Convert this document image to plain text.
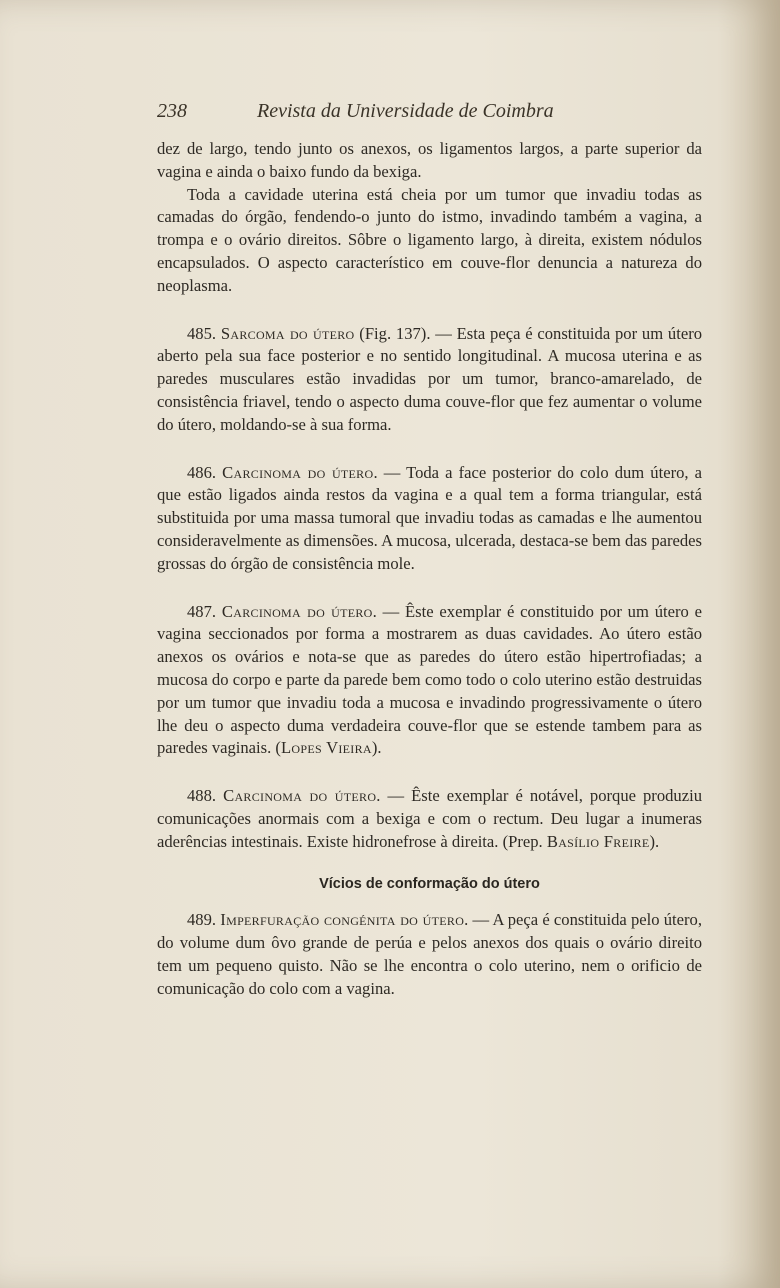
238	Revista da Universidade de Coimbra

dez de largo, tendo junto os anexos, os ligamentos largos, a parte superior da vagina e ainda o baixo fundo da bexiga.

Toda a cavidade uterina está cheia por um tumor que invadiu todas as camadas do órgão, fendendo-o junto do istmo, invadindo também a vagina, a trompa e o ovário direitos. Sôbre o ligamento largo, à direita, existem nódulos encapsulados. O aspecto característico em couve-flor denuncia a natureza do neoplasma.

485. Sarcoma do útero (Fig. 137). — Esta peça é constituida por um útero aberto pela sua face posterior e no sentido longitudinal. A mucosa uterina e as paredes musculares estão invadidas por um tumor, branco-amarelado, de consistência friavel, tendo o aspecto duma couve-flor que fez aumentar o volume do útero, moldando-se à sua forma.

486. Carcinoma do útero. — Toda a face posterior do colo dum útero, a que estão ligados ainda restos da vagina e a qual tem a forma triangular, está substituida por uma massa tumoral que invadiu todas as camadas e lhe aumentou consideravelmente as dimensões. A mucosa, ulcerada, destaca-se bem das paredes grossas do órgão de consistência mole.

487. Carcinoma do útero. — Êste exemplar é constituido por um útero e vagina seccionados por forma a mostrarem as duas cavidades. Ao útero estão anexos os ovários e nota-se que as paredes do útero estão hipertrofiadas; a mucosa do corpo e parte da parede bem como todo o colo uterino estão destruidas por um tumor que invadiu toda a mucosa e invadindo progressivamente o útero lhe deu o aspecto duma verdadeira couve-flor que se estende tambem para as paredes vaginais. (Lopes Vieira).

488. Carcinoma do útero. — Êste exemplar é notável, porque produziu comunicações anormais com a bexiga e com o rectum. Deu lugar a inumeras aderências intestinais. Existe hidronefrose à direita. (Prep. Basílio Freire).

Vícios de conformação do útero

489. Imperfuração congénita do útero. — A peça é constituida pelo útero, do volume dum ôvo grande de perúa e pelos anexos dos quais o ovário direito tem um pequeno quisto. Não se lhe encontra o colo uterino, nem o orificio de comunicação do colo com a vagina.
